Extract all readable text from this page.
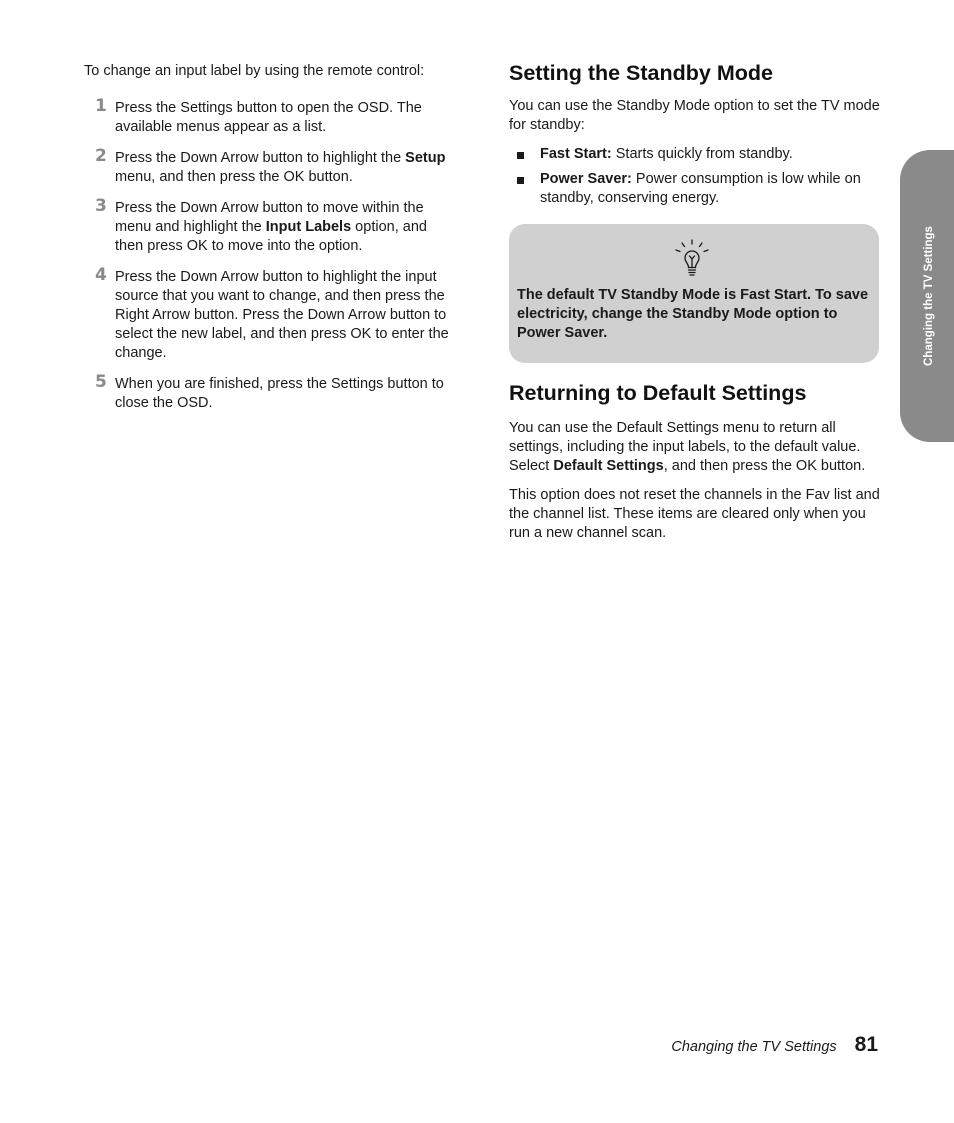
To change an input label by using the remote control:

1 Press the Settings button to open the OSD. The available menus appear as a list.
2 Press the Down Arrow button to highlight the Setup menu, and then press the OK button.
3 Press the Down Arrow button to move within the menu and highlight the Input Labels option, and then press OK to move into the option.
4 Press the Down Arrow button to highlight the input source that you want to change, and then press the Right Arrow button. Press the Down Arrow button to select the new label, and then press OK to enter the change.
5 When you are finished, press the Settings button to close the OSD.
Setting the Standby Mode

You can use the Standby Mode option to set the TV mode for standby:

Fast Start: Starts quickly from standby.
Power Saver: Power consumption is low while on standby, conserving energy.

The default TV Standby Mode is Fast Start. To save electricity, change the Standby Mode option to Power Saver.

Returning to Default Settings

You can use the Default Settings menu to return all settings, including the input labels, to the default value. Select Default Settings, and then press the OK button.

This option does not reset the channels in the Fav list and the channel list. These items are cleared only when you run a new channel scan.

Changing the TV Settings
Changing the TV Settings 81
